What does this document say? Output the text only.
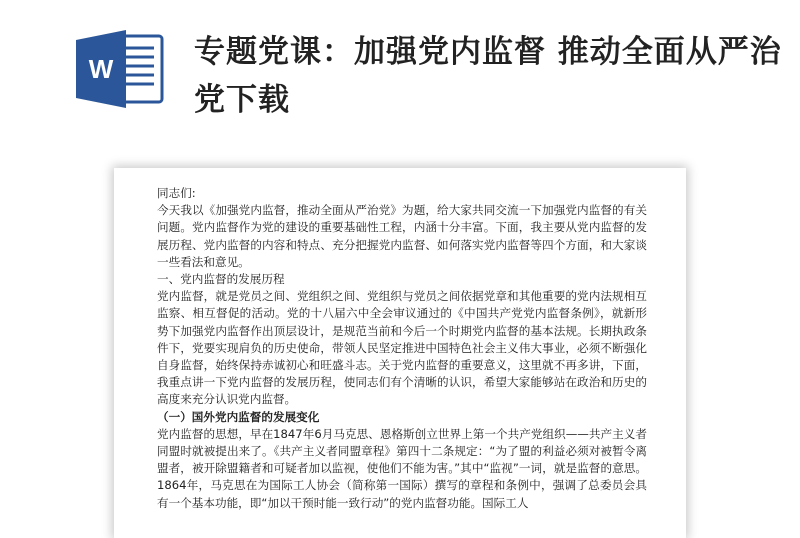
W	专题党课：加强党内监督 推动全面从严治党下载

同志们:

今天我以《加强党内监督，推动全面从严治党》为题，给大家共同交流一下加强党内监督的有关问题。党内监督作为党的建设的重要基础性工程，内涵十分丰富。下面，我主要从党内监督的发展历程、党内监督的内容和特点、充分把握党内监督、如何落实党内监督等四个方面，和大家谈一些看法和意见。

一、党内监督的发展历程

党内监督，就是党员之间、党组织之间、党组织与党员之间依据党章和其他重要的党内法规相互监察、相互督促的活动。党的十八届六中全会审议通过的《中国共产党党内监督条例》，就新形势下加强党内监督作出顶层设计，是规范当前和今后一个时期党内监督的基本法规。长期执政条件下，党要实现肩负的历史使命，带领人民坚定推进中国特色社会主义伟大事业，必须不断强化自身监督，始终保持赤诚初心和旺盛斗志。关于党内监督的重要意义，这里就不再多讲，下面，我重点讲一下党内监督的发展历程，使同志们有个清晰的认识，希望大家能够站在政治和历史的高度来充分认识党内监督。

（一）国外党内监督的发展变化

党内监督的思想，早在1847年6月马克思、恩格斯创立世界上第一个共产党组织——共产主义者同盟时就被提出来了。《共产主义者同盟章程》第四十二条规定：“为了盟的利益必须对被暂令离盟者，被开除盟籍者和可疑者加以监视，使他们不能为害。”其中“监视”一词，就是监督的意思。1864年，马克思在为国际工人协会（简称第一国际）撰写的章程和条例中，强调了总委员会具有一个基本功能，即“加以干预时能一致行动”的党内监督功能。国际工人
